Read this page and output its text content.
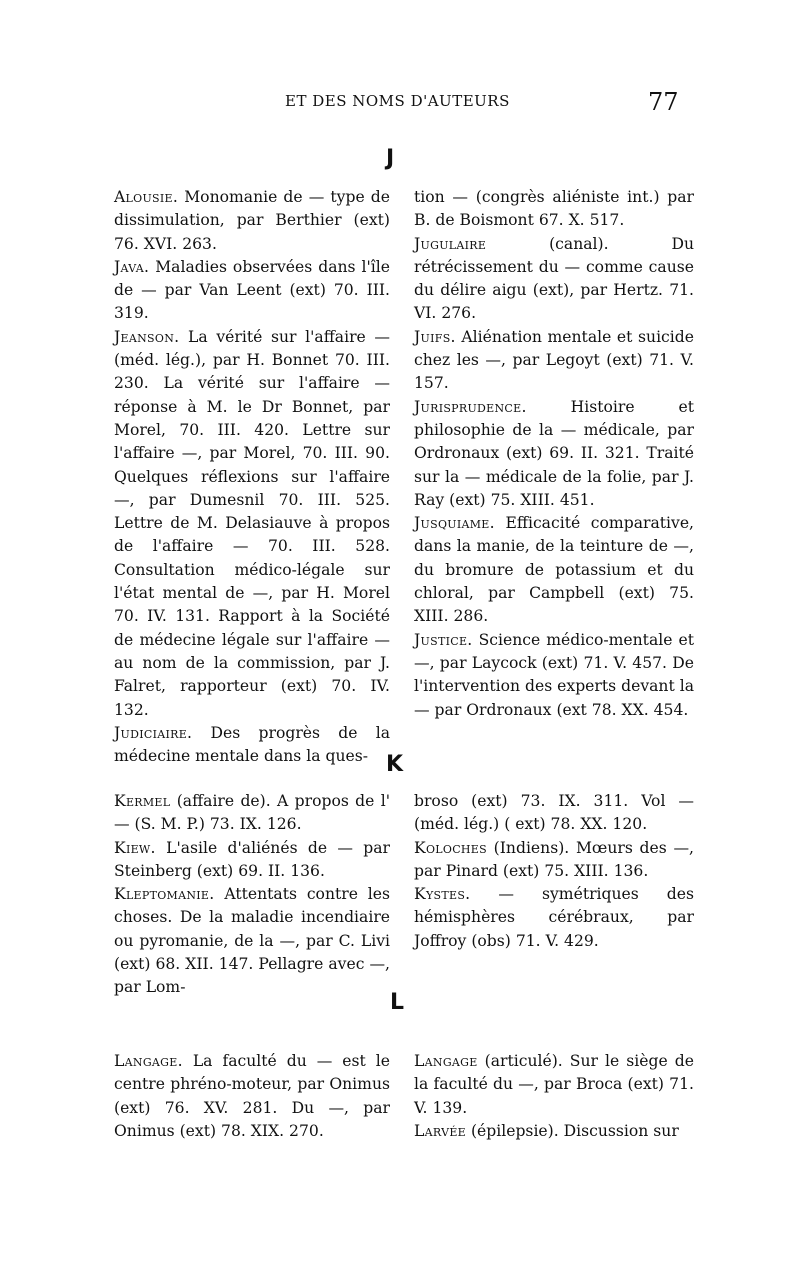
ET DES NOMS D'AUTEURS	77
J

Alousie. Monomanie de — type de dissimulation, par Berthier (ext) 76. XVI. 263.

Java. Maladies observées dans l'île de — par Van Leent (ext) 70. III. 319.

Jeanson. La vérité sur l'affaire — (méd. lég.), par H. Bonnet 70. III. 230. La vérité sur l'affaire — réponse à M. le Dr Bonnet, par Morel, 70. III. 420. Lettre sur l'affaire —, par Morel, 70. III. 90. Quelques réflexions sur l'affaire —, par Dumesnil 70. III. 525. Lettre de M. Delasiauve à propos de l'affaire — 70. III. 528. Consultation médico-légale sur l'état mental de —, par H. Morel 70. IV. 131. Rapport à la Société de médecine légale sur l'affaire — au nom de la commission, par J. Falret, rapporteur (ext) 70. IV. 132.

Judiciaire. Des progrès de la médecine mentale dans la ques-

tion — (congrès aliéniste int.) par B. de Boismont 67. X. 517.

Jugulaire (canal). Du rétrécissement du — comme cause du délire aigu (ext), par Hertz. 71. VI. 276.

Juifs. Aliénation mentale et suicide chez les —, par Legoyt (ext) 71. V. 157.

Jurisprudence. Histoire et philosophie de la — médicale, par Ordronaux (ext) 69. II. 321. Traité sur la — médicale de la folie, par J. Ray (ext) 75. XIII. 451.

Jusquiame. Efficacité comparative, dans la manie, de la teinture de —, du bromure de potassium et du chloral, par Campbell (ext) 75. XIII. 286.

Justice. Science médico-mentale et —, par Laycock (ext) 71. V. 457. De l'intervention des experts devant la — par Ordronaux (ext 78. XX. 454.

K

Kermel (affaire de). A propos de l' — (S. M. P.) 73. IX. 126.

Kiew. L'asile d'aliénés de — par Steinberg (ext) 69. II. 136.

Kleptomanie. Attentats contre les choses. De la maladie incendiaire ou pyromanie, de la —, par C. Livi (ext) 68. XII. 147. Pellagre avec —, par Lom-

broso (ext) 73. IX. 311. Vol — (méd. lég.) ( ext) 78. XX. 120.

Koloches (Indiens). Mœurs des —, par Pinard (ext) 75. XIII. 136.

Kystes. — symétriques des hémisphères cérébraux, par Joffroy (obs) 71. V. 429.

L

Langage. La faculté du — est le centre phréno-moteur, par Onimus (ext) 76. XV. 281. Du —, par Onimus (ext) 78. XIX. 270.

Langage (articulé). Sur le siège de la faculté du —, par Broca (ext) 71. V. 139.

Larvée (épilepsie). Discussion sur
